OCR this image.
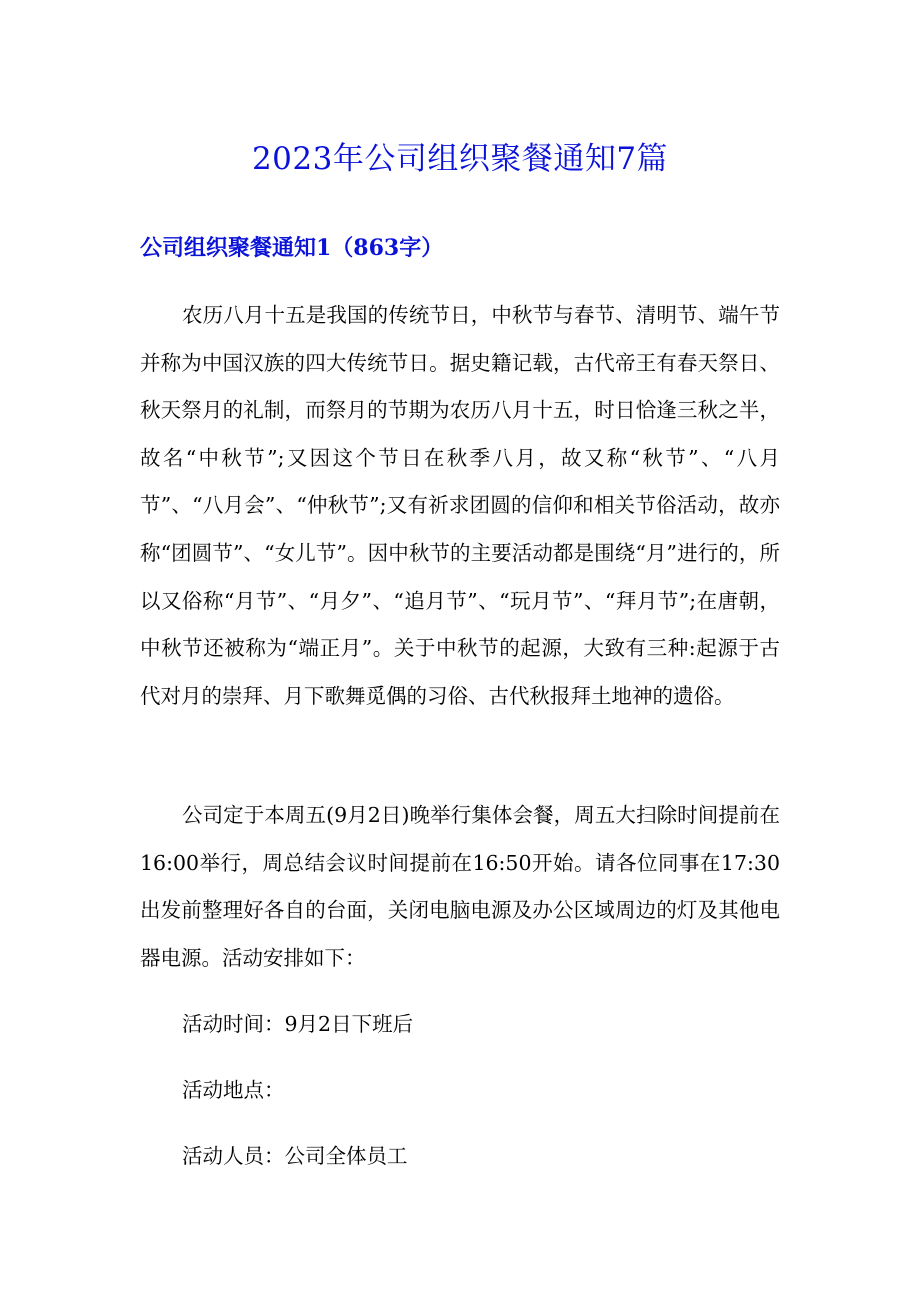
2023年公司组织聚餐通知7篇
公司组织聚餐通知1（863字）

农历八月十五是我国的传统节日，中秋节与春节、清明节、端午节并称为中国汉族的四大传统节日。据史籍记载，古代帝王有春天祭日、秋天祭月的礼制，而祭月的节期为农历八月十五，时日恰逢三秋之半，故名“中秋节”;又因这个节日在秋季八月，故又称“秋节”、“八月节”、“八月会”、“仲秋节”;又有祈求团圆的信仰和相关节俗活动，故亦称“团圆节”、“女儿节”。因中秋节的主要活动都是围绕“月”进行的，所以又俗称“月节”、“月夕”、“追月节”、“玩月节”、“拜月节”;在唐朝，中秋节还被称为“端正月”。关于中秋节的起源，大致有三种:起源于古代对月的崇拜、月下歌舞觅偶的习俗、古代秋报拜土地神的遗俗。

公司定于本周五(9月2日)晚举行集体会餐，周五大扫除时间提前在16:00举行，周总结会议时间提前在16:50开始。请各位同事在17:30出发前整理好各自的台面，关闭电脑电源及办公区域周边的灯及其他电器电源。活动安排如下：

活动时间：9月2日下班后

活动地点：

活动人员：公司全体员工
